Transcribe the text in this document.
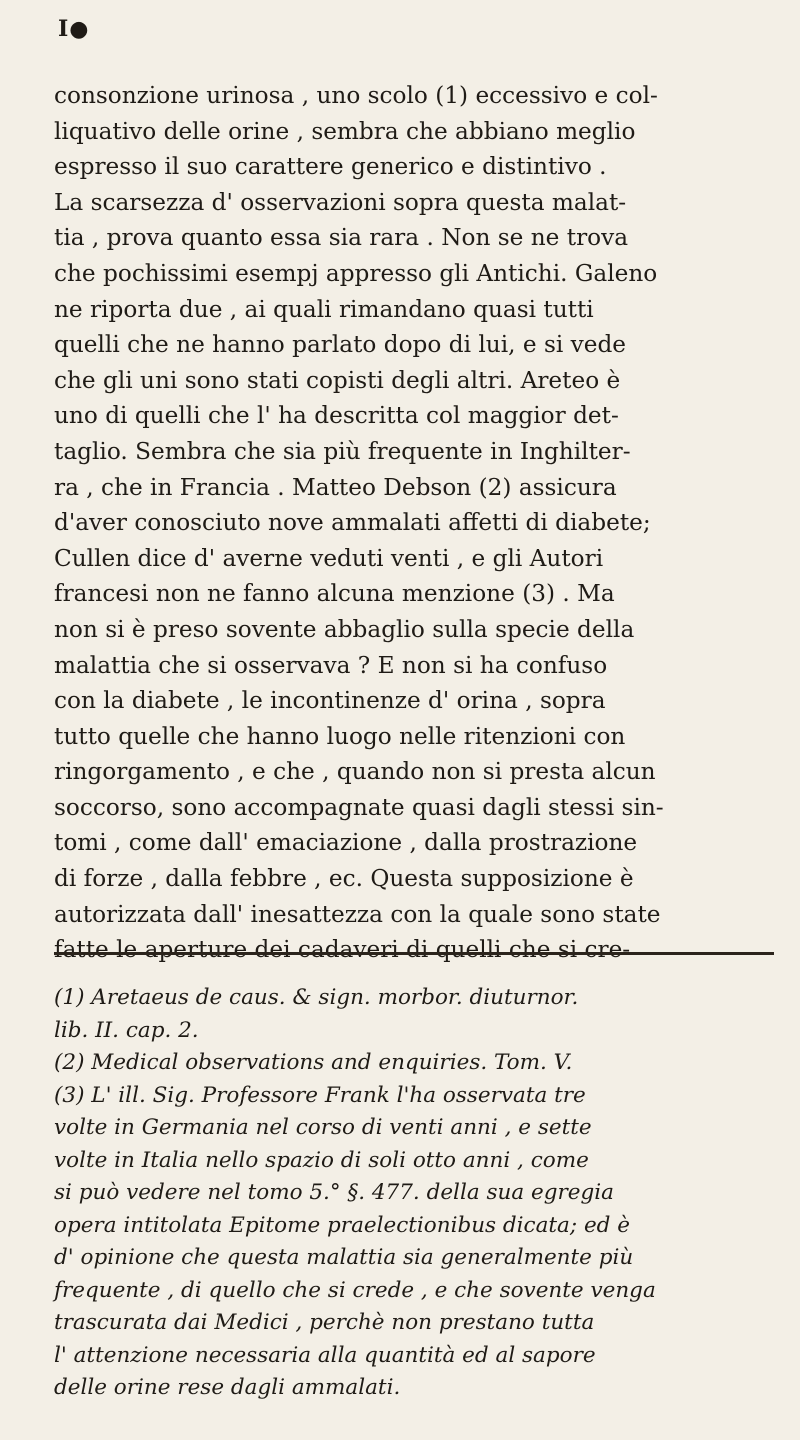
I●
consonzione urinosa , uno scolo (1) eccessivo e col-
liquativo delle orine , sembra che abbiano meglio
espresso il suo carattere generico e distintivo .
La scarsezza d' osservazioni sopra questa malat-
tia , prova quanto essa sia rara . Non se ne trova
che pochissimi esempj appresso gli Antichi. Galeno
ne riporta due , ai quali rimandano quasi tutti
quelli che ne hanno parlato dopo di lui, e si vede
che gli uni sono stati copisti degli altri. Areteo è
uno di quelli che l' ha descritta col maggior det-
taglio. Sembra che sia più frequente in Inghilter-
ra , che in Francia . Matteo Debson (2) assicura
d'aver conosciuto nove ammalati affetti di diabete;
Cullen dice d' averne veduti venti , e gli Autori
francesi non ne fanno alcuna menzione (3) . Ma
non si è preso sovente abbaglio sulla specie della
malattia che si osservava ? E non si ha confuso
con la diabete , le incontinenze d' orina , sopra
tutto quelle che hanno luogo nelle ritenzioni con
ringorgamento , e che , quando non si presta alcun
soccorso, sono accompagnate quasi dagli stessi sin-
tomi , come dall' emaciazione , dalla prostrazione
di forze , dalla febbre , ec. Questa supposizione è
autorizzata dall' inesattezza con la quale sono state
fatte le aperture dei cadaveri di quelli che si cre-
(1) Aretaeus de caus. & sign. morbor. diuturnor.
lib. II. cap. 2.
(2) Medical observations and enquiries. Tom. V.
(3) L' ill. Sig. Professore Frank l'ha osservata tre
volte in Germania nel corso di venti anni , e sette
volte in Italia nello spazio di soli otto anni , come
si può vedere nel tomo 5.° §. 477. della sua egregia
opera intitolata Epitome praelectionibus dicata; ed è
d' opinione che questa malattia sia generalmente più
frequente , di quello che si crede , e che sovente venga
trascurata dai Medici , perchè non prestano tutta
l' attenzione necessaria alla quantità ed al sapore
delle orine rese dagli ammalati.
